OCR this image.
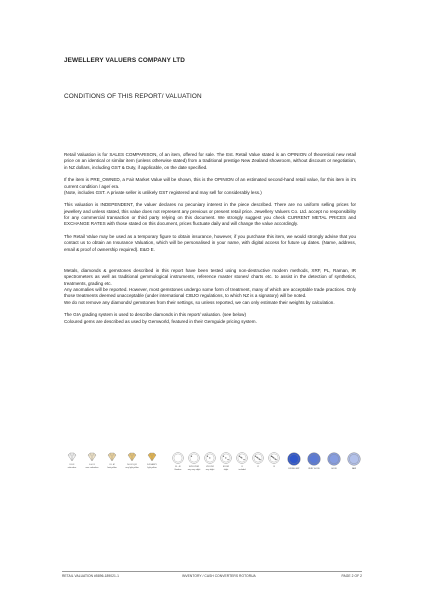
JEWELLERY VALUERS COMPANY LTD
CONDITIONS OF THIS REPORT/ VALUATION

Retail Valuation is for SALES COMPARISON, of an item, offered for sale. The Est. Retail Value stated is an OPINION of theoretical new retail price on an identical or similar item (unless otherwise stated) from a traditional prestige New Zealand showroom, without discount or negotiation, in NZ dollars, including GST & Duty, if applicable, on the date specified.

If the item is PRE_OWNED, a Fair Market Value will be shown, this is the OPINION of an estimated second-hand retail value, for this item in it's current condition / age/ era.

(Note, includes GST. A private seller is unlikely GST registered and may sell for considerably less.)

This valuation is INDEPENDENT, the valuer declares no pecuniary interest in the piece described. There are no uniform selling prices for jewellery and unless stated, this value does not represent any previous or present retail price. Jewellery Valuers Co. Ltd. accept no responsibility for any commercial transaction or third party relying on this document. We strongly suggest you check CURRENT METAL PRICES and EXCHANGE RATES with those stated on this document, prices fluctuate daily and will change the value accordingly.

The Retail Value may be used as a temporary figure to obtain insurance, however, if you purchase this item, we would strongly advise that you contact us to obtain an Insurance Valuation, which will be personalised in your name, with digital access for future up dates. (Name, address, email & proof of ownership required). E&O E.

Metals, diamonds & gemstones described in this report have been tested using non-destructive modern methods, XRF, PL, Raman, IR spectrometers as well as traditional gemmological instruments, reference master stones/ charts etc. to assist in the detection of synthetics, treatments, grading etc.

Any anomalies will be reported. However, most gemstones undergo some form of treatment, many of which are acceptable trade practices. Only those treatments deemed unacceptable (under international CIBJO regulations, to which NZ is a signatory) will be noted.

We do not remove any diamonds/ gemstones from their settings, so unless reported, we can only estimate their weights by calculation.

The GIA grading system is used to describe diamonds in this report/ valuation. (see below)

Coloured gems are described as used by Gemworld, featured in their Gemguide pricing system.

D E F
colourless
G H I J
near colourless
K L M
faint yellow
N-O-P-Q-R
very light yellow
S-Z FANCY
light yellow
FL - IF
flawless
VVS1 VVS2
very very slight
VS1 VS2
very slight
SI1 SI2
slight
I1
included
I2	I3
EXCELLENT	VERY GOOD	GOOD	FAIR
RETAIL VALUATION #5896-189021-1	INVENTORY / CASH CONVERTERS ROTORUA	PAGE 2 OF 2
